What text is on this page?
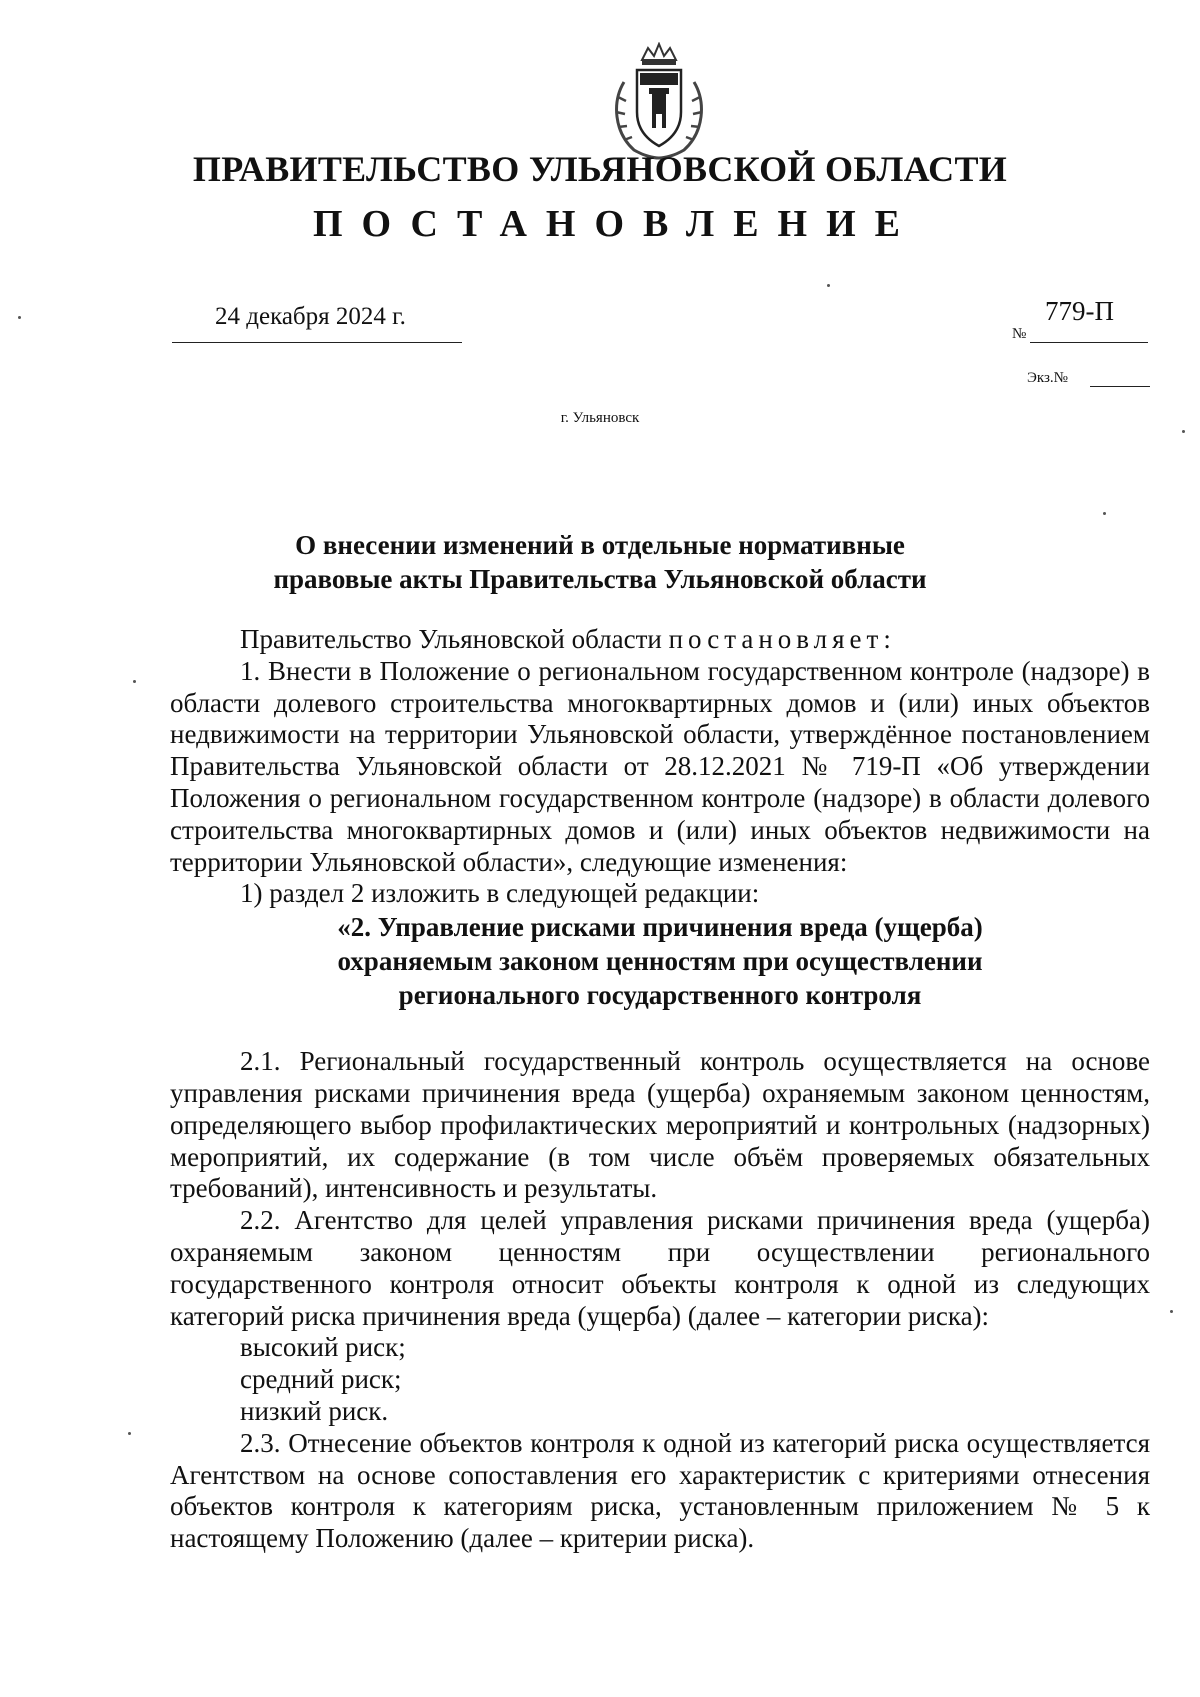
ПРАВИТЕЛЬСТВО УЛЬЯНОВСКОЙ ОБЛАСТИ
ПОСТАНОВЛЕНИЕ
24 декабря 2024 г.
№
779-П
Экз.№
г. Ульяновск
О внесении изменений в отдельные нормативные
правовые акты Правительства Ульяновской области

Правительство Ульяновской области постановляет:

1. Внести в Положение о региональном государственном контроле (надзоре) в области долевого строительства многоквартирных домов и (или) иных объектов недвижимости на территории Ульяновской области, утверждённое постановлением Правительства Ульяновской области от 28.12.2021 № 719-П «Об утверждении Положения о региональном государственном контроле (надзоре) в области долевого строительства многоквартирных домов и (или) иных объектов недвижимости на территории Ульяновской области», следующие изменения:

1) раздел 2 изложить в следующей редакции:

«2. Управление рисками причинения вреда (ущерба)
охраняемым законом ценностям при осуществлении
регионального государственного контроля

2.1. Региональный государственный контроль осуществляется на основе управления рисками причинения вреда (ущерба) охраняемым законом ценностям, определяющего выбор профилактических мероприятий и контрольных (надзорных) мероприятий, их содержание (в том числе объём проверяемых обязательных требований), интенсивность и результаты.

2.2. Агентство для целей управления рисками причинения вреда (ущерба) охраняемым законом ценностям при осуществлении регионального государственного контроля относит объекты контроля к одной из следующих категорий риска причинения вреда (ущерба) (далее – категории риска):

высокий риск;

средний риск;

низкий риск.

2.3. Отнесение объектов контроля к одной из категорий риска осуществляется Агентством на основе сопоставления его характеристик с критериями отнесения объектов контроля к категориям риска, установленным приложением № 5 к настоящему Положению (далее – критерии риска).
